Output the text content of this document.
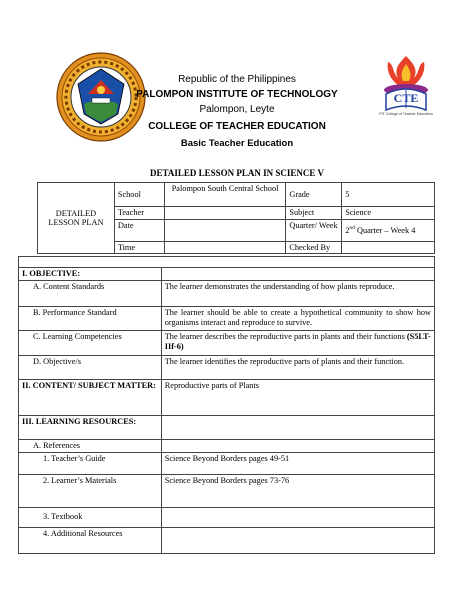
CTE
PIT College of Teacher Education
Republic of the Philippines
PALOMPON INSTITUTE OF TECHNOLOGY
Palompon, Leyte
COLLEGE OF TEACHER EDUCATION
Basic Teacher Education
DETAILED LESSON PLAN IN SCIENCE V
DETAILED LESSON PLAN	School	Palompon South Central School	Grade	5
	Teacher		Subject	Science
	Date		Quarter/ Week	2nd Quarter – Week 4
	Time		Checked By	

I. OBJECTIVE:	
A. Content Standards	The learner demonstrates the understanding of how plants reproduce.
B. Performance Standard	The learner should be able to create a hypothetical community to show how organisms interact and reproduce to survive.
C. Learning Competencies	The learner describes the reproductive parts in plants and their functions (S5LT-IIf-6)
D. Objective/s	The learner identifies the reproductive parts of plants and their function.
II. CONTENT/ SUBJECT MATTER:	Reproductive parts of Plants
III. LEARNING RESOURCES:	
A. References	
1. Teacher’s Guide	Science Beyond Borders pages 49-51
2. Learner’s Materials	Science Beyond Borders pages 73-76
3. Textbook	
4. Additional Resources	
